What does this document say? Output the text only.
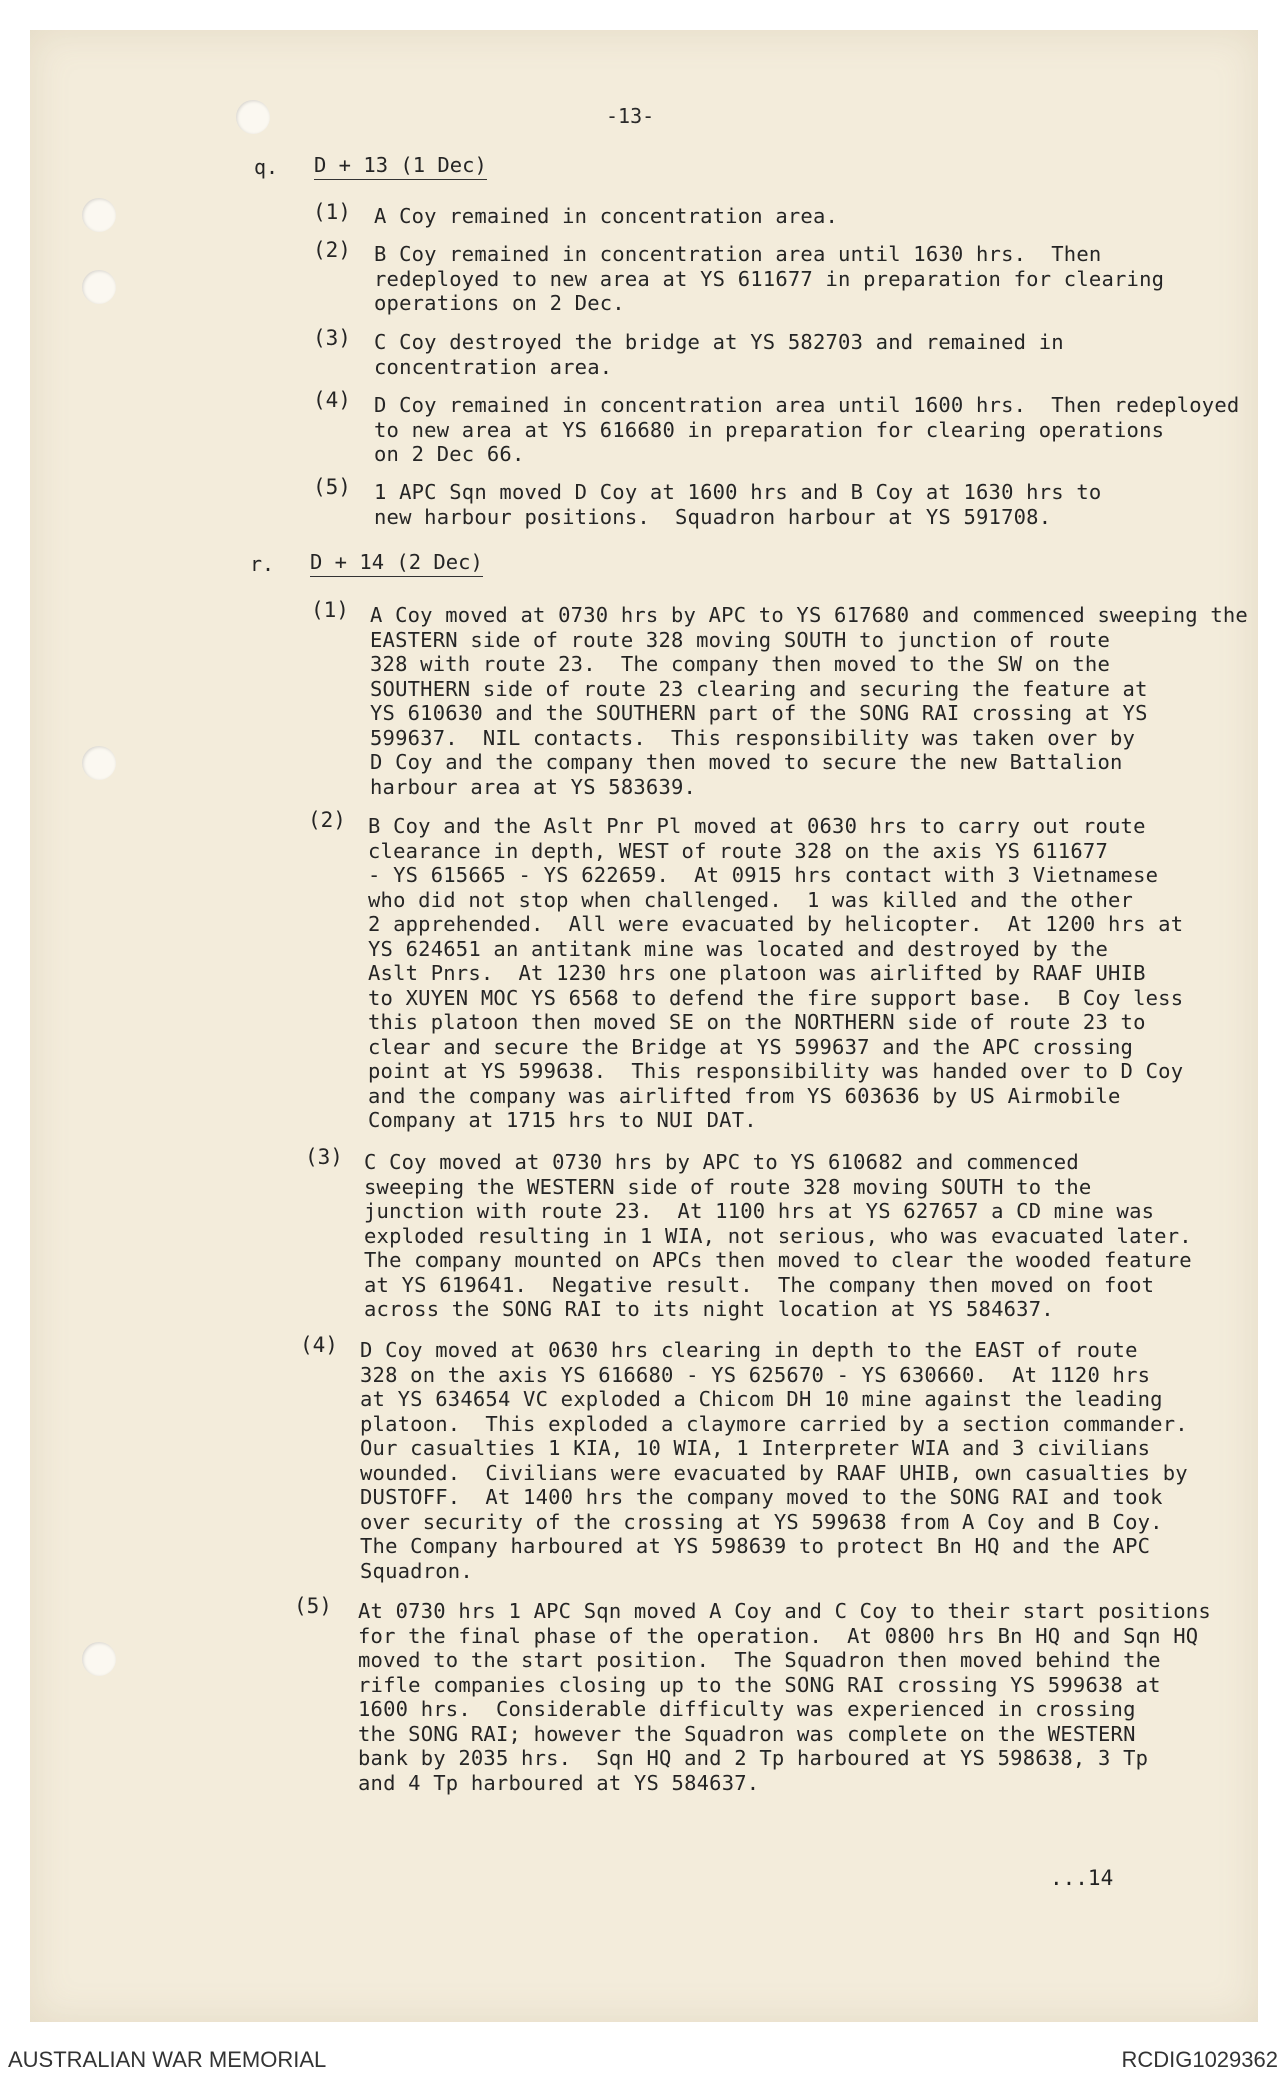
-13-
q. D + 13 (1 Dec)
(1) A Coy remained in concentration area.
(2) B Coy remained in concentration area until 1630 hrs.  Then
redeployed to new area at YS 611677 in preparation for clearing
operations on 2 Dec.
(3) C Coy destroyed the bridge at YS 582703 and remained in
concentration area.
(4) D Coy remained in concentration area until 1600 hrs.  Then redeployed
to new area at YS 616680 in preparation for clearing operations
on 2 Dec 66.
(5) 1 APC Sqn moved D Coy at 1600 hrs and B Coy at 1630 hrs to
new harbour positions.  Squadron harbour at YS 591708.
r. D + 14 (2 Dec)
(1) A Coy moved at 0730 hrs by APC to YS 617680 and commenced sweeping the
EASTERN side of route 328 moving SOUTH to junction of route
328 with route 23.  The company then moved to the SW on the
SOUTHERN side of route 23 clearing and securing the feature at
YS 610630 and the SOUTHERN part of the SONG RAI crossing at YS
599637.  NIL contacts.  This responsibility was taken over by
D Coy and the company then moved to secure the new Battalion
harbour area at YS 583639.
(2) B Coy and the Aslt Pnr Pl moved at 0630 hrs to carry out route
clearance in depth, WEST of route 328 on the axis YS 611677
- YS 615665 - YS 622659.  At 0915 hrs contact with 3 Vietnamese
who did not stop when challenged.  1 was killed and the other
2 apprehended.  All were evacuated by helicopter.  At 1200 hrs at
YS 624651 an antitank mine was located and destroyed by the
Aslt Pnrs.  At 1230 hrs one platoon was airlifted by RAAF UHIB
to XUYEN MOC YS 6568 to defend the fire support base.  B Coy less
this platoon then moved SE on the NORTHERN side of route 23 to
clear and secure the Bridge at YS 599637 and the APC crossing
point at YS 599638.  This responsibility was handed over to D Coy
and the company was airlifted from YS 603636 by US Airmobile
Company at 1715 hrs to NUI DAT.
(3) C Coy moved at 0730 hrs by APC to YS 610682 and commenced
sweeping the WESTERN side of route 328 moving SOUTH to the
junction with route 23.  At 1100 hrs at YS 627657 a CD mine was
exploded resulting in 1 WIA, not serious, who was evacuated later.
The company mounted on APCs then moved to clear the wooded feature
at YS 619641.  Negative result.  The company then moved on foot
across the SONG RAI to its night location at YS 584637.
(4) D Coy moved at 0630 hrs clearing in depth to the EAST of route
328 on the axis YS 616680 - YS 625670 - YS 630660.  At 1120 hrs
at YS 634654 VC exploded a Chicom DH 10 mine against the leading
platoon.  This exploded a claymore carried by a section commander.
Our casualties 1 KIA, 10 WIA, 1 Interpreter WIA and 3 civilians
wounded.  Civilians were evacuated by RAAF UHIB, own casualties by
DUSTOFF.  At 1400 hrs the company moved to the SONG RAI and took
over security of the crossing at YS 599638 from A Coy and B Coy.
The Company harboured at YS 598639 to protect Bn HQ and the APC
Squadron.
(5) At 0730 hrs 1 APC Sqn moved A Coy and C Coy to their start positions
for the final phase of the operation.  At 0800 hrs Bn HQ and Sqn HQ
moved to the start position.  The Squadron then moved behind the
rifle companies closing up to the SONG RAI crossing YS 599638 at
1600 hrs.  Considerable difficulty was experienced in crossing
the SONG RAI; however the Squadron was complete on the WESTERN
bank by 2035 hrs.  Sqn HQ and 2 Tp harboured at YS 598638, 3 Tp
and 4 Tp harboured at YS 584637.
...14
AUSTRALIAN WAR MEMORIAL	RCDIG1029362
